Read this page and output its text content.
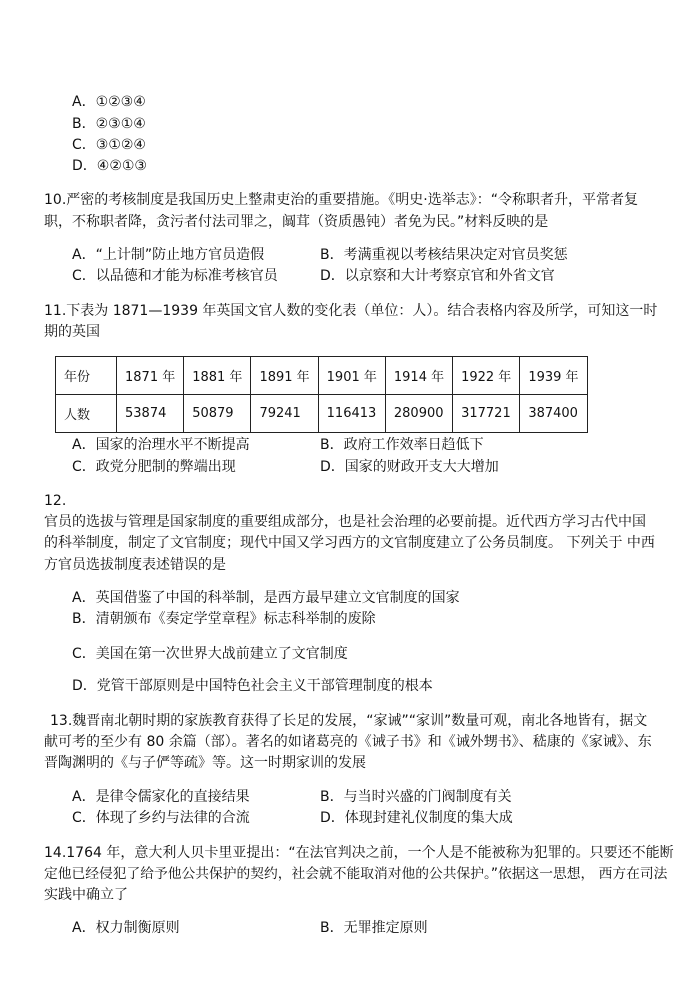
A．①②③④
B．②③①④
C．③①②④
D．④②①③
10.严密的考核制度是我国历史上整肃吏治的重要措施。《明史·选举志》：“令称职者升，平常者复
职，不称职者降，贪污者付法司罪之，阘茸（资质愚钝）者免为民。”材料反映的是
A．“上计制”防止地方官员造假	B．考满重视以考核结果决定对官员奖惩
C．以品德和才能为标准考核官员	D．以京察和大计考察京官和外省文官
11.下表为 1871—1939 年英国文官人数的变化表（单位：人）。结合表格内容及所学，可知这一时
期的英国
年份	1871 年	1881 年	1891 年	1901 年	1914 年	1922 年	1939 年
人数	53874	50879	79241	116413	280900	317721	387400
A．国家的治理水平不断提高	B．政府工作效率日趋低下
C．政党分肥制的弊端出现	D．国家的财政开支大大增加
12.
官员的选拔与管理是国家制度的重要组成部分，也是社会治理的必要前提。近代西方学习古代中国
的科举制度，制定了文官制度；现代中国又学习西方的文官制度建立了公务员制度。 下列关于 中西
方官员选拔制度表述错误的是
A．英国借鉴了中国的科举制，是西方最早建立文官制度的国家
B．清朝颁布《奏定学堂章程》标志科举制的废除
C．美国在第一次世界大战前建立了文官制度
D．党管干部原则是中国特色社会主义干部管理制度的根本
13.魏晋南北朝时期的家族教育获得了长足的发展，“家诫”“家训”数量可观，南北各地皆有，据文
献可考的至少有 80 余篇（部）。著名的如诸葛亮的《诫子书》和《诫外甥书》、嵇康的《家诫》、东
晋陶渊明的《与子俨等疏》等。这一时期家训的发展
A．是律令儒家化的直接结果	B．与当时兴盛的门阀制度有关
C．体现了乡约与法律的合流	D．体现封建礼仪制度的集大成
14.1764 年，意大利人贝卡里亚提出：“在法官判决之前，一个人是不能被称为犯罪的。只要还不能断
定他已经侵犯了给予他公共保护的契约，社会就不能取消对他的公共保护。”依据这一思想， 西方在司法
实践中确立了
A．权力制衡原则	B．无罪推定原则
